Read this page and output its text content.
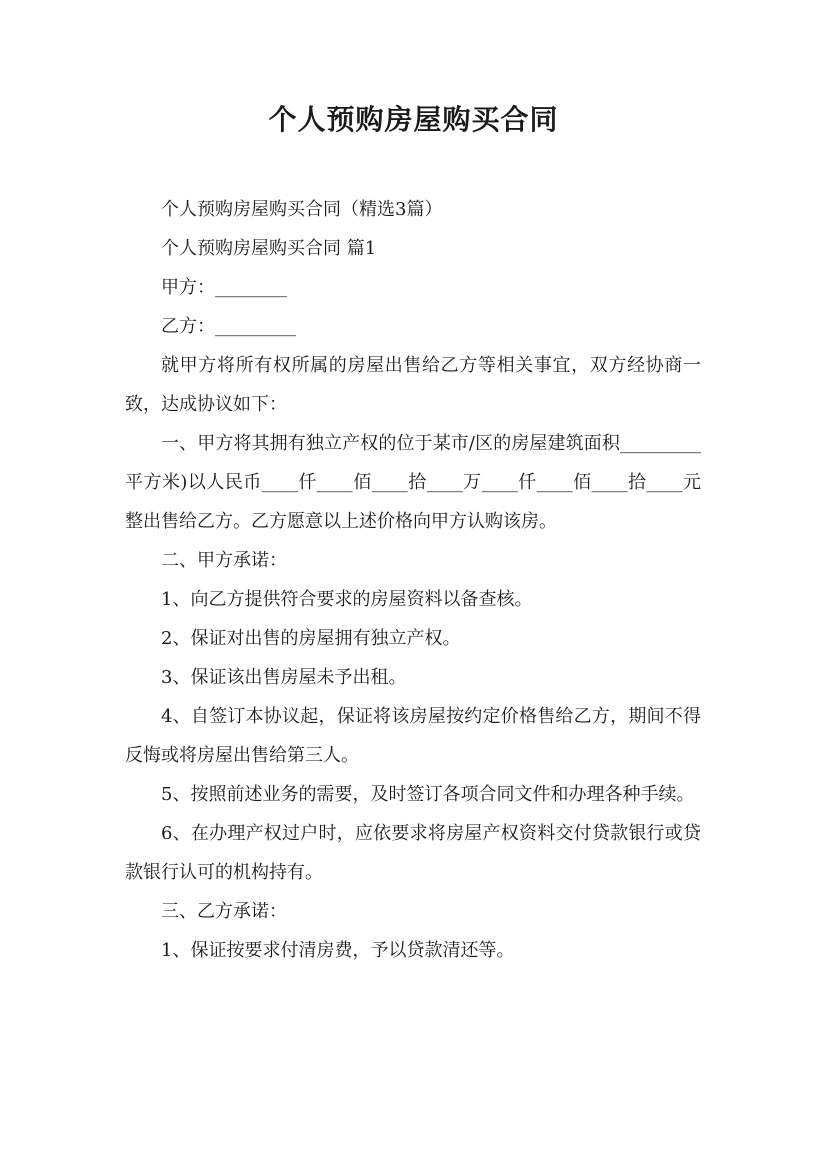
个人预购房屋购买合同

个人预购房屋购买合同（精选3篇）

个人预购房屋购买合同 篇1

甲方：________

乙方：_________

就甲方将所有权所属的房屋出售给乙方等相关事宜，双方经协商一致，达成协议如下：

一、甲方将其拥有独立产权的位于某市/区的房屋建筑面积_________平方米)以人民币____仟____佰____拾____万____仟____佰____拾____元整出售给乙方。乙方愿意以上述价格向甲方认购该房。

二、甲方承诺：

1、向乙方提供符合要求的房屋资料以备查核。

2、保证对出售的房屋拥有独立产权。

3、保证该出售房屋未予出租。

4、自签订本协议起，保证将该房屋按约定价格售给乙方，期间不得反悔或将房屋出售给第三人。

5、按照前述业务的需要，及时签订各项合同文件和办理各种手续。

6、在办理产权过户时，应依要求将房屋产权资料交付贷款银行或贷款银行认可的机构持有。

三、乙方承诺：

1、保证按要求付清房费，予以贷款清还等。
